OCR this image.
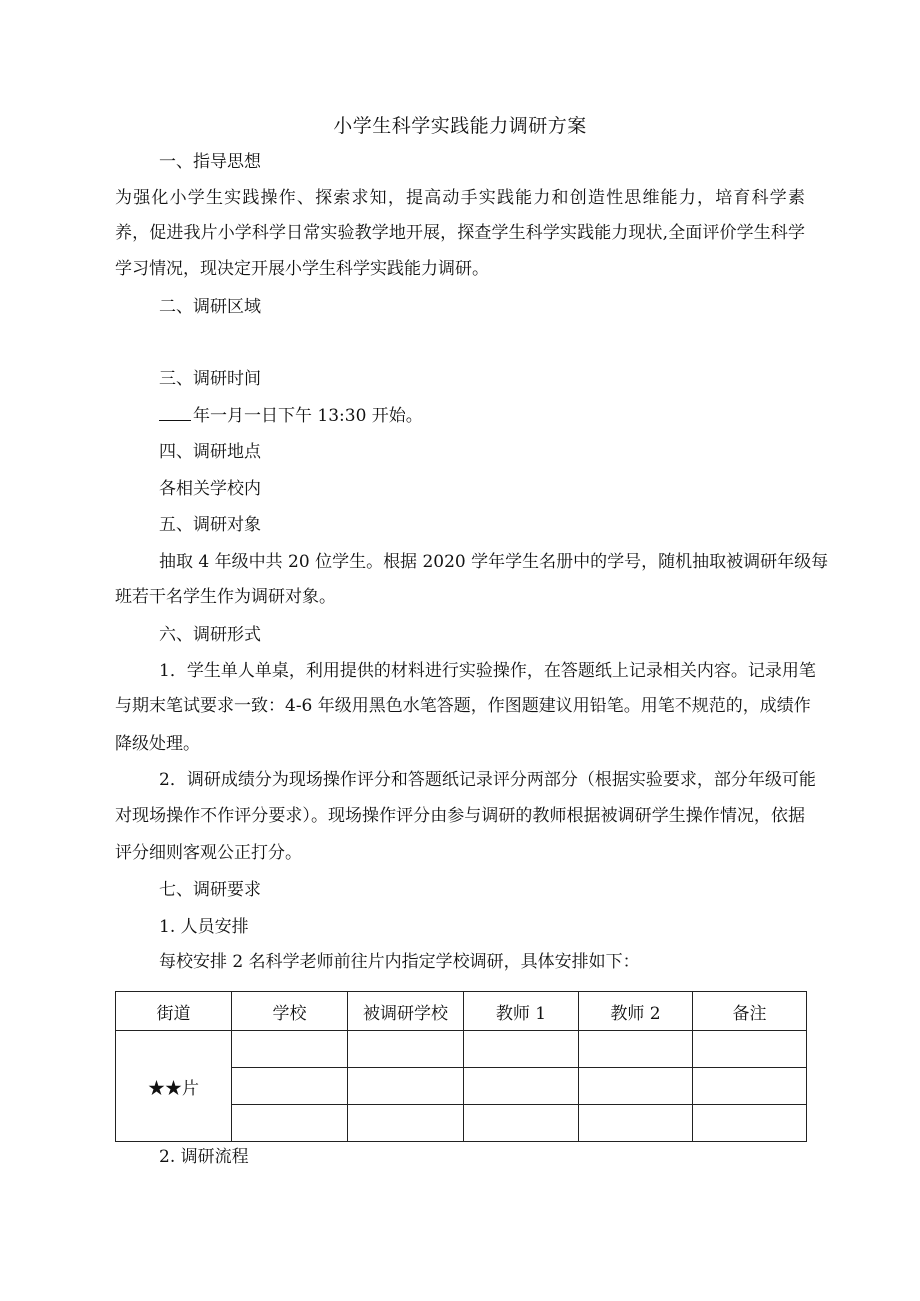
小学生科学实践能力调研方案
一、指导思想
为强化小学生实践操作、探索求知，提高动手实践能力和创造性思维能力，培育科学素
养，促进我片小学科学日常实验教学地开展，探查学生科学实践能力现状,全面评价学生科学
学习情况，现决定开展小学生科学实践能力调研。
二、调研区域
三、调研时间
年一月一日下午 13:30 开始。
四、调研地点
各相关学校内
五、调研对象
抽取 4 年级中共 20 位学生。根据 2020 学年学生名册中的学号，随机抽取被调研年级每
班若干名学生作为调研对象。
六、调研形式
1．学生单人单桌，利用提供的材料进行实验操作，在答题纸上记录相关内容。记录用笔
与期末笔试要求一致：4-6 年级用黑色水笔答题，作图题建议用铅笔。用笔不规范的，成绩作
降级处理。
2．调研成绩分为现场操作评分和答题纸记录评分两部分（根据实验要求，部分年级可能
对现场操作不作评分要求）。现场操作评分由参与调研的教师根据被调研学生操作情况，依据
评分细则客观公正打分。
七、调研要求
1. 人员安排
每校安排 2 名科学老师前往片内指定学校调研，具体安排如下：
街道	学校	被调研学校	教师 1	教师 2	备注
★★片					

2. 调研流程
